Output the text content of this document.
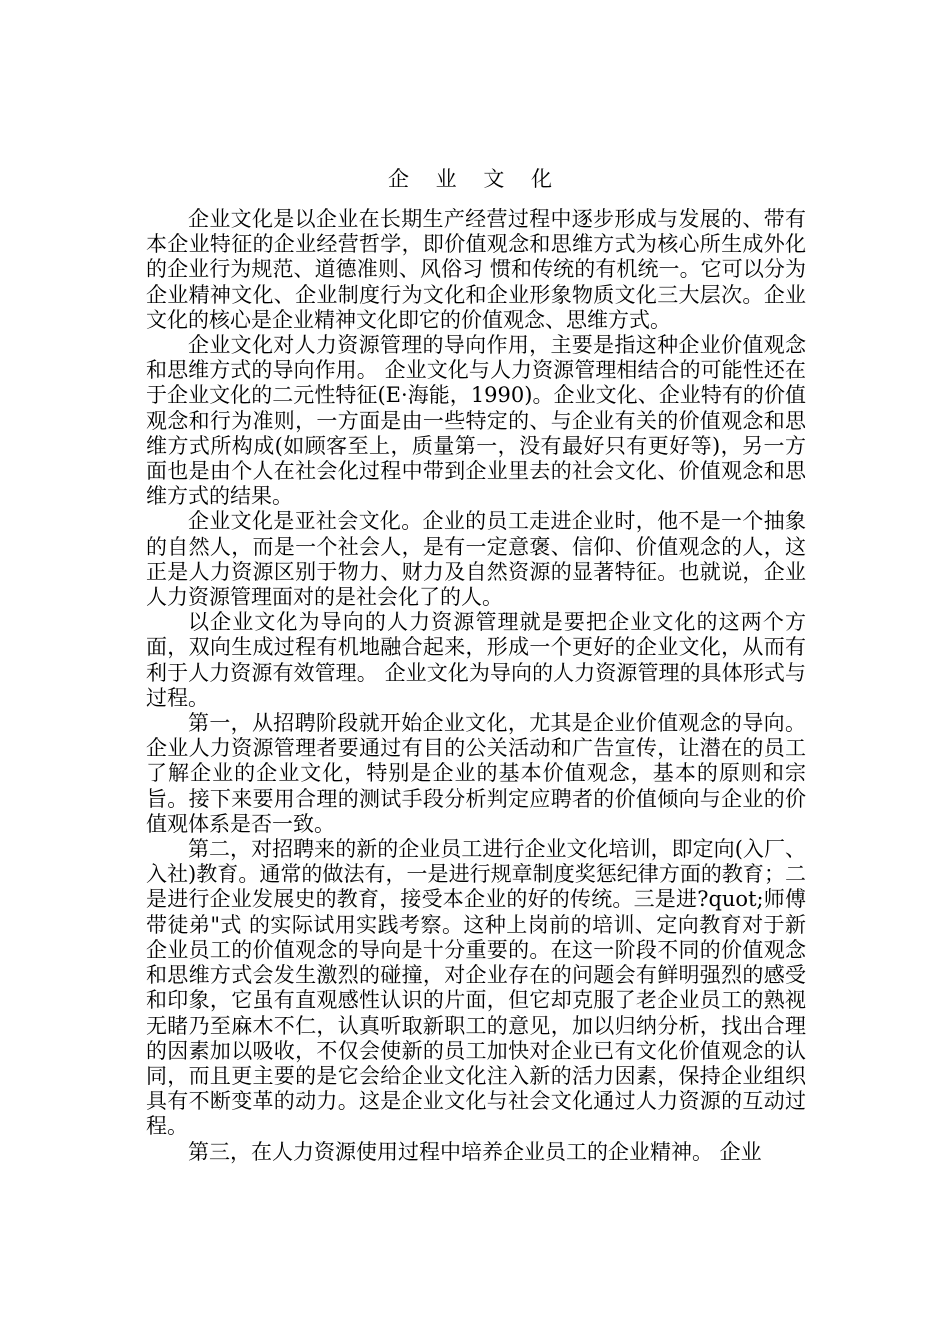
企 业 文 化

企业文化是以企业在长期生产经营过程中逐步形成与发展的、带有本企业特征的企业经营哲学，即价值观念和思维方式为核心所生成外化 的企业行为规范、道德准则、风俗习 惯和传统的有机统一。它可以分为企业精神文化、企业制度行为文化和企业形象物质文化三大层次。企业文化的核心是企业精神文化即它的价值观念、思维方式。

企业文化对人力资源管理的导向作用，主要是指这种企业价值观念和思维方式的导向作用。 企业文化与人力资源管理相结合的可能性还在于企业文化的二元性特征(E·海能，1990)。企业文化、企业特有的价值观念和行为准则，一方面是由一些特定的、与企业有关的价值观念和思维方式所构成(如顾客至上，质量第一，没有最好只有更好等)，另一方面也是由个人在社会化过程中带到企业里去的社会文化、价值观念和思维方式的结果。

企业文化是亚社会文化。企业的员工走进企业时，他不是一个抽象的自然人，而是一个社会人，是有一定意褒、信仰、价值观念的人，这正是人力资源区别于物力、财力及自然资源的显著特征。也就说，企业人力资源管理面对的是社会化了的人。

以企业文化为导向的人力资源管理就是要把企业文化的这两个方面，双向生成过程有机地融合起来，形成一个更好的企业文化，从而有利于人力资源有效管理。 企业文化为导向的人力资源管理的具体形式与过程。

第一，从招聘阶段就开始企业文化，尤其是企业价值观念的导向。企业人力资源管理者要通过有目的公关活动和广告宣传，让潜在的员工了解企业的企业文化，特别是企业的基本价值观念，基本的原则和宗旨。接下来要用合理的测试手段分析判定应聘者的价值倾向与企业的价值观体系是否一致。

第二，对招聘来的新的企业员工进行企业文化培训，即定向(入厂、入社)教育。通常的做法有，一是进行规章制度奖惩纪律方面的教育；二是进行企业发展史的教育，接受本企业的好的传统。三是进?quot;师傅带徒弟"式 的实际试用实践考察。这种上岗前的培训、定向教育对于新企业员工的价值观念的导向是十分重要的。在这一阶段不同的价值观念和思维方式会发生激烈的碰撞，对企业存在的问题会有鲜明强烈的感受和印象，它虽有直观感性认识的片面，但它却克服了老企业员工的熟视无睹乃至麻木不仁，认真听取新职工的意见，加以归纳分析，找出合理的因素加以吸收，不仅会使新的员工加快对企业已有文化价值观念的认同，而且更主要的是它会给企业文化注入新的活力因素，保持企业组织具有不断变革的动力。这是企业文化与社会文化通过人力资源的互动过程。

第三，在人力资源使用过程中培养企业员工的企业精神。 企业
